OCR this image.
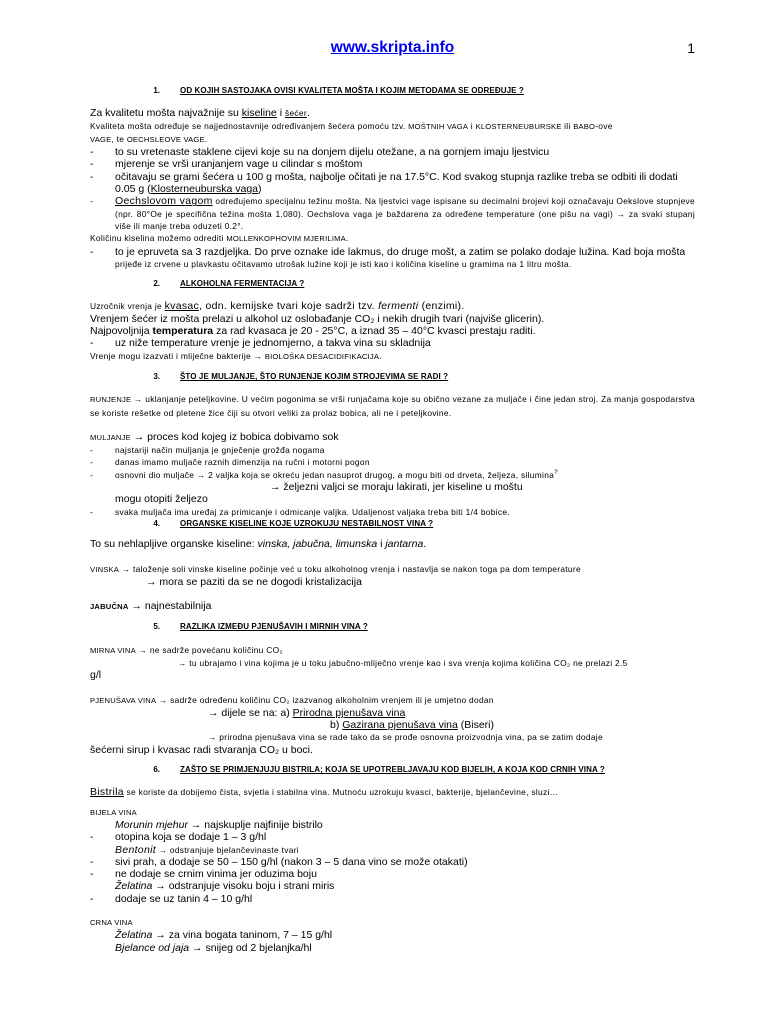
www.skripta.info	1
1.	OD KOJIH SASTOJAKA OVISI KVALITETA MOŠTA I KOJIM METODAMA SE ODREĐUJE ?
Za kvalitetu mošta najvažnije su kiseline i šećer.
Kvaliteta mošta određuje se najjednostavnije određivanjem šećera pomoću tzv. MOŠTNIH VAGA i KLOSTERNEUBURSKE ili BABO-ove
VAGE, te OECHSLEOVE VAGE.
-	to su vretenaste staklene cijevi koje su na donjem dijelu otežane, a na gornjem imaju ljestvicu
-	mjerenje se vrši uranjanjem vage u cilindar s moštom
-	očitavaju se grami šećera u 100 g mošta, najbolje očitati je na 17.5°C. Kod svakog stupnja razlike treba se odbiti ili dodati 0.05 g (Klosterneuburska vaga)
-	Oechslovom vagom određujemo specijalnu težinu mošta. Na ljestvici vage ispisane su decimalni brojevi koji označavaju Oekslove stupnjeve (npr. 80°Oe je specifična težina mošta 1.080). Oechslova vaga je baždarena za određene temperature (one pišu na vagi) → za svaki stupanj više ili manje treba oduzeti 0.2°.
Količinu kiselina možemo odrediti MOLLENKOPHOVIM MJERILIMA.
-	to je epruveta sa 3 razdjeljka. Do prve oznake ide lakmus, do druge mošt, a zatim se polako dodaje lužina. Kad boja mošta
prijeđe iz crvene u plavkastu očitavamo utrošak lužine koji je isti kao i količina kiseline u gramima na 1 litru mošta.
2.	ALKOHOLNA FERMENTACIJA ?
Uzročnik vrenja je kvasac, odn. kemijske tvari koje sadrži tzv. fermenti (enzimi).
Vrenjem šećer iz mošta prelazi u alkohol uz oslobađanje CO₂ i nekih drugih tvari (najviše glicerin).
Najpovoljnija temperatura za rad kvasaca je 20 - 25°C, a iznad 35 – 40°C kvasci prestaju raditi.
-	uz niže temperature vrenje je jednomjerno, a takva vina su skladnija
Vrenje mogu izazvati i mliječne bakterije → BIOLOŠKA DESACIDIFIKACIJA.
3.	ŠTO JE MULJANJE, ŠTO RUNJENJE KOJIM STROJEVIMA SE RADI ?
RUNJENJE → uklanjanje peteljkovine. U većim pogonima se vrši runjačama koje su obično vezane za muljače i čine jedan stroj. Za manja gospodarstva se koriste rešetke od pletene žice čiji su otvori veliki za prolaz bobica, ali ne i peteljkovine.
MULJANJE → proces kod kojeg iz bobica dobivamo sok
-	najstariji način muljanja je gnječenje grožđa nogama
-	danas imamo muljače raznih dimenzija na ručni i motorni pogon
-	osnovni dio muljače → 2 valjka koja se okreću jedan nasuprot drugog, a mogu biti od drveta, željeza, silumina?
→ željezni valjci se moraju lakirati, jer kiseline u moštu
mogu otopiti željezo
-	svaka muljača ima uređaj za primicanje i odmicanje valjka. Udaljenost valjaka treba biti 1/4 bobice.
4.	ORGANSKE KISELINE KOJE UZROKUJU NESTABILNOST VINA ?
To su nehlapljive organske kiseline: vinska, jabučna, limunska i jantarna.
VINSKA → taloženje soli vinske kiseline počinje već u toku alkoholnog vrenja i nastavlja se nakon toga pa dom temperature
→ mora se paziti da se ne dogodi kristalizacija
JABUČNA → najnestabilnija
5.	RAZLIKA IZMEĐU PJENUŠAVIH I MIRNIH VINA ?
MIRNA VINA → ne sadrže povećanu količinu CO₂
→ tu ubrajamo i vina kojima je u toku jabučno-mliječno vrenje kao i sva vrenja kojima količina CO₂ ne prelazi 2.5
g/l
PJENUŠAVA VINA → sadrže određenu količinu CO₂ izazvanog alkoholnim vrenjem ili je umjetno dodan
→ dijele se na: a) Prirodna pjenušava vina
b) Gazirana pjenušava vina (Biseri)
→ prirodna pjenušava vina se rade tako da se prođe osnovna proizvodnja vina, pa se zatim dodaje
šećerni sirup i kvasac radi stvaranja CO₂ u boci.
6.	ZAŠTO SE PRIMJENJUJU BISTRILA; KOJA SE UPOTREBLJAVAJU KOD BIJELIH, A KOJA KOD CRNIH VINA ?
Bistrila se koriste da dobijemo čista, svjetla i stabilna vina. Mutnoću uzrokuju kvasci, bakterije, bjelančevine, sluzi…
BIJELA VINA
Morunin mjehur → najskuplje najfinije bistrilo
-	otopina koja se dodaje 1 – 3 g/hl
Bentonit → odstranjuje bjelančevinaste tvari
-	sivi prah, a dodaje se 50 – 150 g/hl (nakon 3 – 5 dana vino se može otakati)
-	ne dodaje se crnim vinima jer oduzima boju
Želatina → odstranjuje visoku boju i strani miris
-	dodaje se uz tanin 4 – 10 g/hl
CRNA VINA
Želatina → za vina bogata taninom, 7 – 15 g/hl
Bjelance od jaja → snijeg od 2 bjelanjka/hl
